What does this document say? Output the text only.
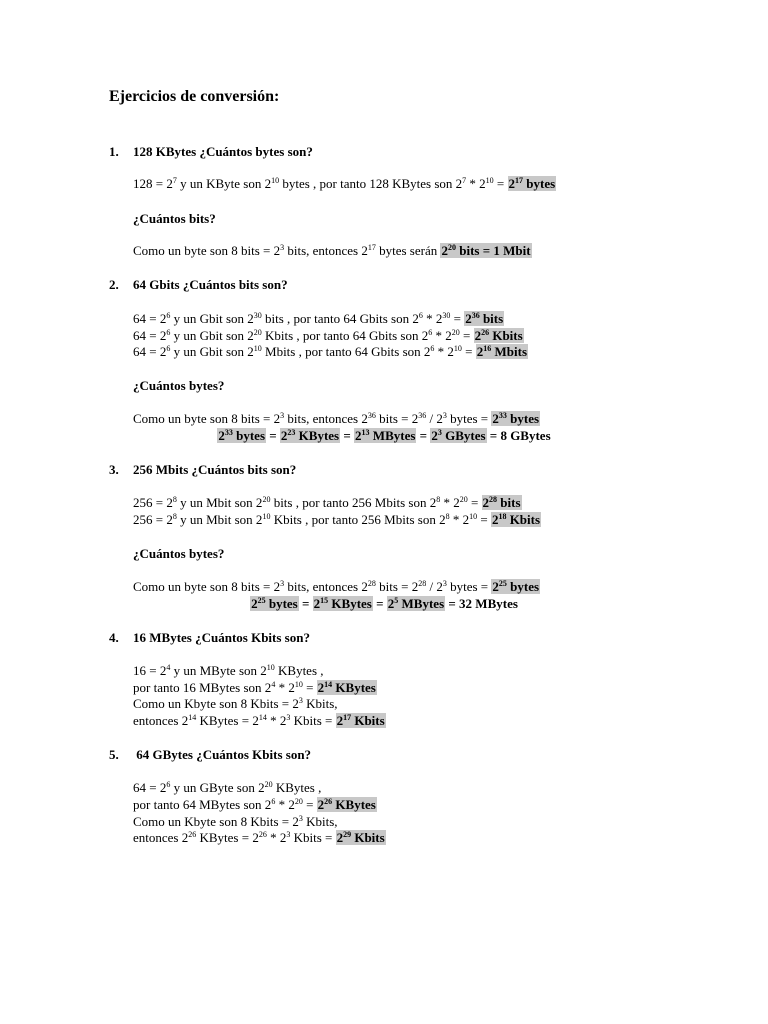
Ejercicios de conversión:
1. 128 KBytes ¿Cuántos bytes son?
$128 = 2^7$ y un KByte son $2^{10}$ bytes , por tanto 128 KBytes son $2^7 * 2^{10} = 2^{17}$ bytes
¿Cuántos bits?
Como un byte son 8 bits = $2^3$ bits, entonces $2^{17}$ bytes serán $2^{20}$ bits = 1 Mbit
2. 64 Gbits ¿Cuántos bits son?
$64 = 2^6$ y un Gbit son $2^{30}$ bits , por tanto 64 Gbits son $2^6 * 2^{30} = 2^{36}$ bits
$64 = 2^6$ y un Gbit son $2^{20}$ Kbits , por tanto 64 Gbits son $2^6 * 2^{20} = 2^{26}$ Kbits
$64 = 2^6$ y un Gbit son $2^{10}$ Mbits , por tanto 64 Gbits son $2^6 * 2^{10} = 2^{16}$ Mbits
¿Cuántos bytes?
Como un byte son 8 bits = $2^3$ bits, entonces $2^{36}$ bits = $2^{36} / 2^3$ bytes = $2^{33}$ bytes
$2^{33}$ bytes = $2^{23}$ KBytes = $2^{13}$ MBytes = $2^3$ GBytes = 8 GBytes
3. 256 Mbits ¿Cuántos bits son?
$256 = 2^8$ y un Mbit son $2^{20}$ bits , por tanto 256 Mbits son $2^8 * 2^{20} = 2^{28}$ bits
$256 = 2^8$ y un Mbit son $2^{10}$ Kbits , por tanto 256 Mbits son $2^8 * 2^{10} = 2^{18}$ Kbits
¿Cuántos bytes?
Como un byte son 8 bits = $2^3$ bits, entonces $2^{28}$ bits = $2^{28} / 2^3$ bytes = $2^{25}$ bytes
$2^{25}$ bytes = $2^{15}$ KBytes = $2^5$ MBytes = 32 MBytes
4. 16 MBytes ¿Cuántos Kbits son?
$16 = 2^4$ y un MByte son $2^{10}$ KBytes ,
por tanto 16 MBytes son $2^4 * 2^{10} = 2^{14}$ KBytes
Como un Kbyte son 8 Kbits = $2^3$ Kbits,
entonces $2^{14}$ KBytes = $2^{14} * 2^3$ Kbits = $2^{17}$ Kbits
5. 64 GBytes ¿Cuántos Kbits son?
$64 = 2^6$ y un GByte son $2^{20}$ KBytes ,
por tanto 64 MBytes son $2^6 * 2^{20} = 2^{26}$ KBytes
Como un Kbyte son 8 Kbits = $2^3$ Kbits,
entonces $2^{26}$ KBytes = $2^{26} * 2^3$ Kbits = $2^{29}$ Kbits
